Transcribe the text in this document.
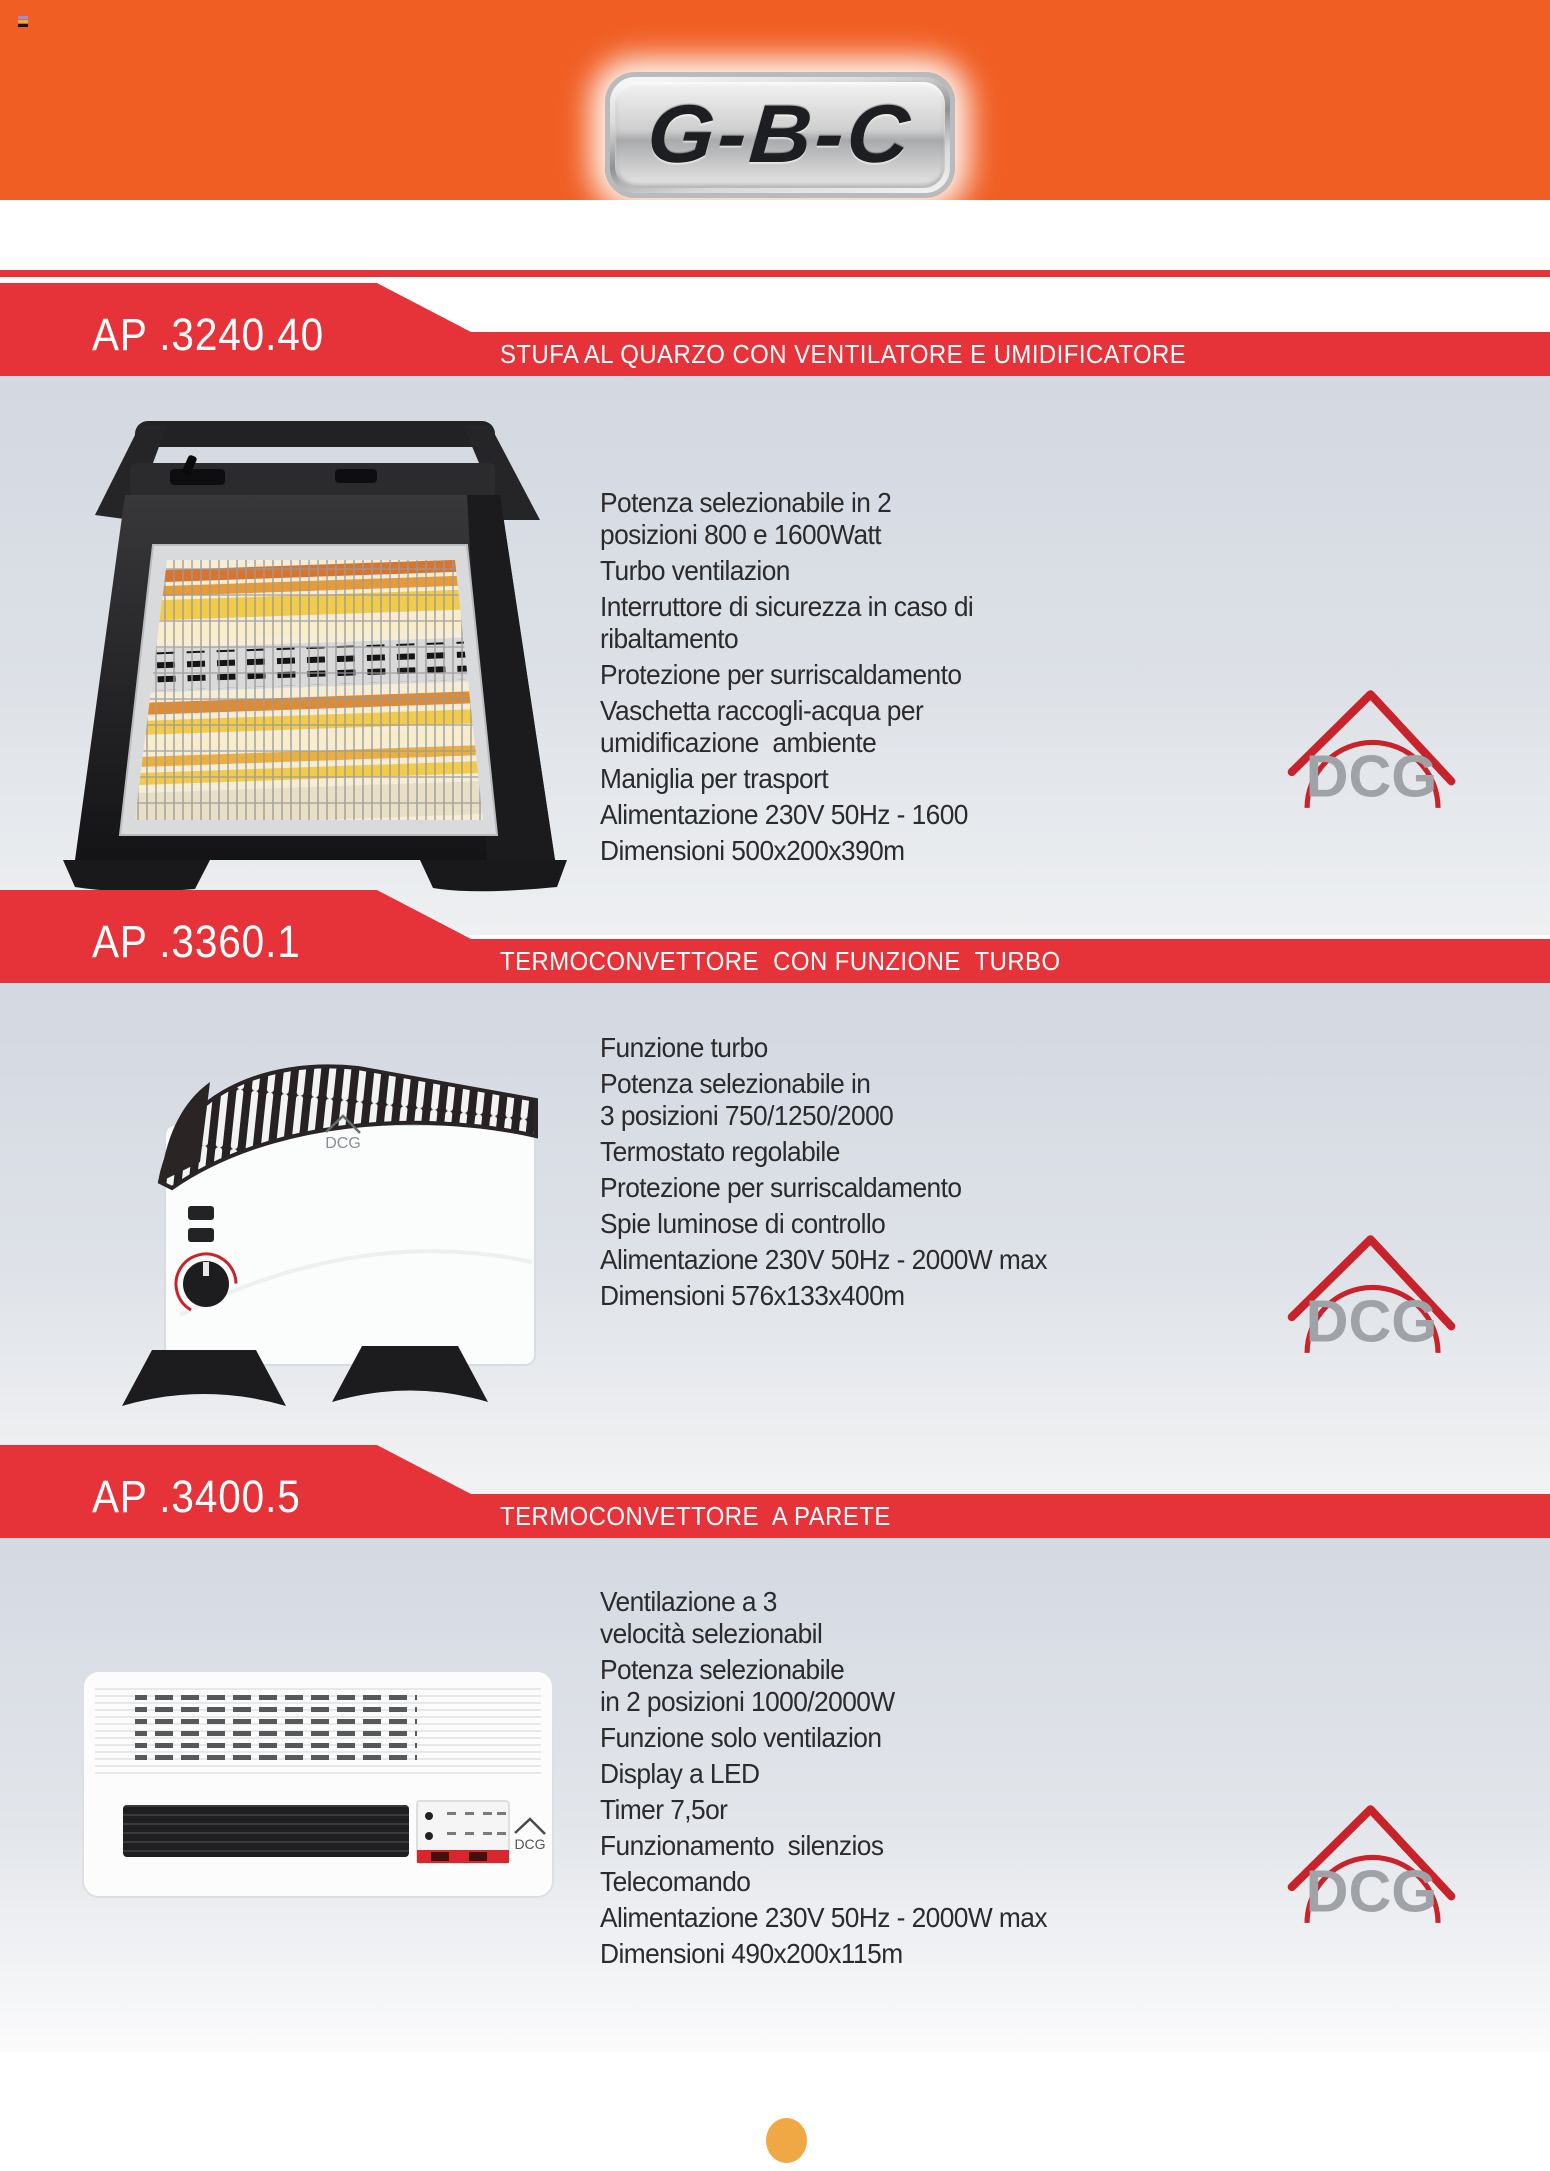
G-B-C
AP .3240.40	STUFA AL QUARZO CON VENTILATORE E UMIDIFICATORE
AP .3360.1	TERMOCONVETTORE  CON FUNZIONE  TURBO
AP .3400.5	TERMOCONVETTORE  A PARETE
DCG
DCG
Potenza selezionabile in 2
posizioni 800 e 1600Watt
Turbo ventilazion
Interruttore di sicurezza in caso di
ribaltamento
Protezione per surriscaldamento
Vaschetta raccogli-acqua per
umidificazione  ambiente
Maniglia per trasport
Alimentazione 230V 50Hz - 1600
Dimensioni 500x200x390m
Funzione turbo
Potenza selezionabile in
3 posizioni 750/1250/2000
Termostato regolabile
Protezione per surriscaldamento
Spie luminose di controllo
Alimentazione 230V 50Hz - 2000W max
Dimensioni 576x133x400m
Ventilazione a 3
velocità selezionabil
Potenza selezionabile
in 2 posizioni 1000/2000W
Funzione solo ventilazion
Display a LED
Timer 7,5or
Funzionamento  silenzios
Telecomando
Alimentazione 230V 50Hz - 2000W max
Dimensioni 490x200x115m
DCG
DCG
DCG
